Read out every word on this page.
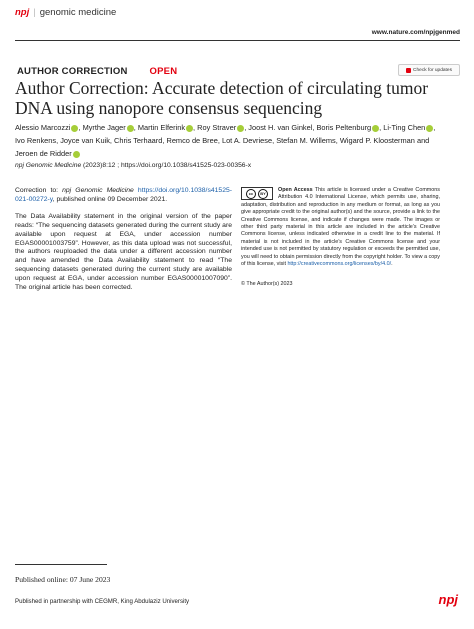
npj | genomic medicine
www.nature.com/npjgenmed
AUTHOR CORRECTION OPEN	Check for updates
Author Correction: Accurate detection of circulating tumor DNA using nanopore consensus sequencing
Alessio Marcozzi , Myrthe Jager , Martin Elferink , Roy Straver , Joost H. van Ginkel, Boris Peltenburg , Li-Ting Chen ,
Ivo Renkens, Joyce van Kuik, Chris Terhaard, Remco de Bree, Lot A. Devriese, Stefan M. Willems, Wigard P. Kloosterman and
Jeroen de Ridder
npj Genomic Medicine (2023)8:12 ; https://doi.org/10.1038/s41525-023-00356-x

Correction to: npj Genomic Medicine https://doi.org/10.1038/s41525-021-00272-y, published online 09 December 2021.

The Data Availability statement in the original version of the paper reads: “The sequencing datasets generated during the current study are available upon request at EGA, under accession number EGAS00001003759”. However, as this data upload was not successful, the authors reuploaded the data under a different accession number and have amended the Data Availability statement to read “The sequencing datasets generated during the current study are available upon request at EGA, under accession number EGAS00001007090”. The original article has been corrected.

cc	BY	Open Access This article is licensed under a Creative Commons Attribution 4.0 International License, which permits use, sharing, adaptation, distribution and reproduction in any medium or format, as long as you give appropriate credit to the original author(s) and the source, provide a link to the Creative Commons license, and indicate if changes were made. The images or other third party material in this article are included in the article’s Creative Commons license, unless indicated otherwise in a credit line to the material. If material is not included in the article’s Creative Commons license and your intended use is not permitted by statutory regulation or exceeds the permitted use, you will need to obtain permission directly from the copyright holder. To view a copy of this license, visit http://creativecommons.org/licenses/by/4.0/.
© The Author(s) 2023
Published online: 07 June 2023
Published in partnership with CEGMR, King Abdulaziz University	npj
